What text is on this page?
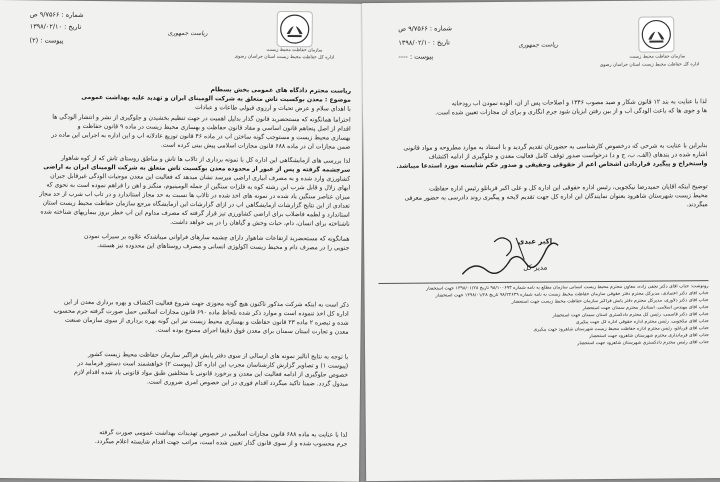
شماره : ۹/۷۵۶۶ ص
تاریخ : ۱۳۹۸/۰۲/۱۰
پیوست : (۲)
ریاست جمهوری
سازمان حفاظت محیط زیست
اداره کل حفاظت محیط زیست استان خراسان رضوی
ریاست محترم دادگاه های عمومی بخش بسطام
موضوع : معدن بوکسیت تاش متعلق به شرکت آلومینای ایران و تهدید علیه بهداشت عمومی
با اهدای سلام و عرض تحیات و آرزوی قبولی طاعات و عبادات
احتراماً همانگونه که مستحضرید قانون گذار بدلیل اهمیت در جهت تنظیم بخشیدن و جلوگیری از نشر و انتشار آلودگی ها
اقدام از اصل پنجاهم قانون اساسی و مفاد قانون حفاظت و بهسازی محیط زیست در ماده ۹ قانون حفاظت و
بهسازی محیط زیست و مستوجب گونه ساختن آب در ماده ۴۶ قانون توزیع عادلانه آب و این اداره به اجرایی این ماده در
ضمن مجازات آن در ماده ۶۸۸ قانون مجازات اسلامی پیش بینی کرده است.
لذا بررسی های آزمایشگاهی این اداره کل با نمونه برداری از تالاب ها تاش و مناطق روستای تاش که از کوه شاهوار
سرچشمه گرفته و پس از عبور از محدوده معدن بوکسیت تاش متعلق به شرکت آلومینای ایران به اراضی
کشاورزی وارد شده و به مصرف آبیاری اراضی میرسد نشان میدهد که فعالیت این معدن موجبات آلودگی غیرقابل جبران
آبهای زلال و قابل شرب این رشته کوه به فلزات سنگین از جمله آلومینیوم، منگنز و آهن را فراهم نموده است به نحوی که
میزان عناصر سنگین یاد شده در نمونه های اخذ شده در تالاب ها نسبت به حد مجاز استاندارد و در تاب آب شرب از حد مجاز
تعدادی از این نتایج گزارشات آزمایشگاهی آب در ازای گزارشات این آزمایشگاه مرجع سازمان حفاظت محیط زیست استان
استاندارد و لطمه فاضلاب برای اراضی کشاورزی تیز قرار گرفته که مصرف مداوم این آب خطر بروز بیماریهای شناخته شده
ناشناخته برای انسان، دام، حیات وحش و گیاهان را در پی خواهد داشت.
همانگونه که مستحضرید ارتفاعات شاهوار دارای چشمه سارهای فراوانی میباشدکه علاوه بر سیراب نمودن
جنوبی را در مصرف دام و محیط زیست اکولوژی انسانی و مصرف روستاهای این محدوده نیز هستند.
ذکر است به اینکه شرکت مذکور تاکنون هیچ گونه مجوزی جهت شروع فعالیت اکتشاف و بهره برداری معدن از این
اداره کل اخذ ننموده است و موارد ذکر شده بلحاظ ماده ۶۹۰ قانون مجازات اسلامی حمل صورت گرفته جرم محسوب
شده و تبصره ۲ ماده ۲۳ قانون حفاظت و بهسازی محیط زیست نیز این گونه بهره برداری از سوی سازمان صنعت
معدن و تجارت استان سمنان برای معدن فوق دقیقاً اجرای ممنوع بوده است.
با توجه به نتایج آنالیز نمونه های ارسالی از سوی دفتر پایش فراگیر سازمان حفاظت محیط زیست کشور
(پیوست ۱) و تصاویر گزارش کارشناسان مجرب این اداره کل (پیوست ۲) خواهشمند است دستور فرمایید در
خصوص جلوگیری از ادامه فعالیت این معدن و برخورد قانونی با متخلفین طبق مواد قانونی یاد شده اقدام لازم
مبذول گردد. ضمناً تأکید میگردد اقدام فوری در این خصوص امری ضروری است.
لذا با عنایت به ماده ۶۸۸ قانون مجازات اسلامی در خصوص تهدیدات بهداشت عمومی صورت گرفته
جرم محسوب شده و از سوی قانون گذار تعیین شده است، مراتب جهت اقدام شایسته اعلام میگردد.
شماره : ۹/۷۵۶۶ ص
تاریخ : ۱۳۹۸/۰۲/۱۰
پیوست : ----
ریاست جمهوری
سازمان حفاظت محیط زیست
اداره کل حفاظت محیط زیست استان خراسان رضوی
لذا با عنایت به بند ۱۲ قانون شکار و صید مصوب ۱۳۴۶ و اصلاحات پس از آن، آلوده نمودن آب رودخانه
ها و جوی ها که باعث آلودگی آب و از بین رفتن آبزیان شود جرم انگاری و برای آن مجازات تعیین شده است.
بنابراین با عنایت به شرحی که درخصوص کارشناسی به حضورتان تقدیم گردید و با استناد به موارد مطروحه و مواد قانونی
اشاره شده در بندهای (الف، ب، ج و د) درخواست صدور توقف کامل فعالیت معدن و جلوگیری از ادامه اکتشاف
واستخراج و پیگیرد قراردادن اشخاص اعم از حقوقی وحقیقی و صدور حکم شایسته مورد استدعا میباشد.
توضیح اینکه آقایان حمیدرضا نیکجویی، رئیس اداره حقوقی این اداره کل و علی اکبر قربانلو رئیس اداره حفاظت
محیط زیست شهرستان شاهرود بعنوان نمایندگان این اداره کل جهت تقدیم لایحه و پیگیری روند دادرسی به حضور معرفی
میگردند.
اکبر عبدی
مدیر کل
رونوشت: جناب آقای دکتر نجفی زاده، معاون محترم محیط زیست انسانی سازمان مطلع به نامه شماره ۹۸/۱۰۰۶۹۳ تاریخ ۱۳۹۸/۰۱/۲۸ جهت استحضار
جناب آقای دکتر اعتمادی، مدیرکل محترم دفتر حقوقی سازمان حفاظت محیط زیست به نامه شماره ۹۸/۲۲۶۳۹ تاریخ ۱۳۹۸/۰۱/۲۸ جهت استحضار
جناب آقای دکتر دلاوری، مدیرکل محترم دفتر پایش فراگیر سازمان حفاظت محیط زیست جهت استحضار
جناب آقای مهندس اسلامی، استاندار محترم سمنان جهت استحضار
جناب آقای دکتر قاسمی، رئیس کل محترم دادگستری استان سمنان جهت استحضار
جناب آقای نیکجویی، رئیس محترم اداره حقوقی اداره کل جهت پیگیری
جناب آقای قربانلو، رئیس محترم اداره حفاظت محیط زیست شهرستان شاهرود جهت پیگیری
جناب آقای فرمانداری محترم شهرستان شاهرود جهت استحضار
جناب آقای رئیس محترم دادگستری شهرستان شاهرود جهت استحضار
